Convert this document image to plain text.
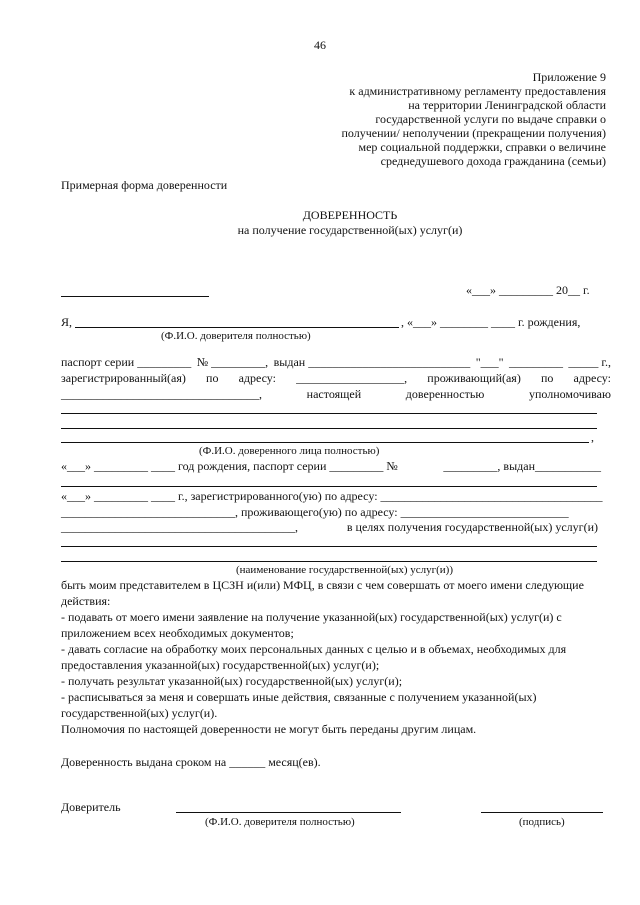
46
Приложение 9
к административному регламенту предоставления
на территории Ленинградской области
государственной услуги по выдаче справки о
получении/ неполучении (прекращении получения)
мер социальной поддержки, справки о величине
среднедушевого дохода гражданина (семьи)
Примерная форма доверенности
ДОВЕРЕННОСТЬ
на получение государственной(ых) услуг(и)
«___» _________ 20__ г.
Я,	, «___» ________ ____ г. рождения,
(Ф.И.О. доверителя полностью)
паспорт серии _________ № _________, выдан ___________________________ "___" _________ _____ г.,
зарегистрированный(ая) по адресу: __________________, проживающий(ая) по адресу:
_________________________________,	настоящей	доверенностью	уполномочиваю
,
(Ф.И.О. доверенного лица полностью)
«___» _________ ____ год рождения, паспорт серии _________ №	_________, выдан___________
«___» _________ ____ г., зарегистрированного(ую) по адресу: _____________________________________
_____________________________, проживающего(ую) по адресу: ____________________________
_______________________________________,	в целях получения государственной(ых) услуг(и)
(наименование государственной(ых) услуг(и))
быть моим представителем в ЦСЗН и(или) МФЦ, в связи с чем совершать от моего имени следующие действия:
- подавать от моего имени заявление на получение указанной(ых) государственной(ых) услуг(и) с приложением всех необходимых документов;
- давать согласие на обработку моих персональных данных с целью и в объемах, необходимых для предоставления указанной(ых) государственной(ых) услуг(и);
- получать результат указанной(ых) государственной(ых) услуг(и);
- расписываться за меня и совершать иные действия, связанные с получением указанной(ых) государственной(ых) услуг(и).
Полномочия по настоящей доверенности не могут быть переданы другим лицам.
Доверенность выдана сроком на ______ месяц(ев).
Доверитель
(Ф.И.О. доверителя полностью)	(подпись)
